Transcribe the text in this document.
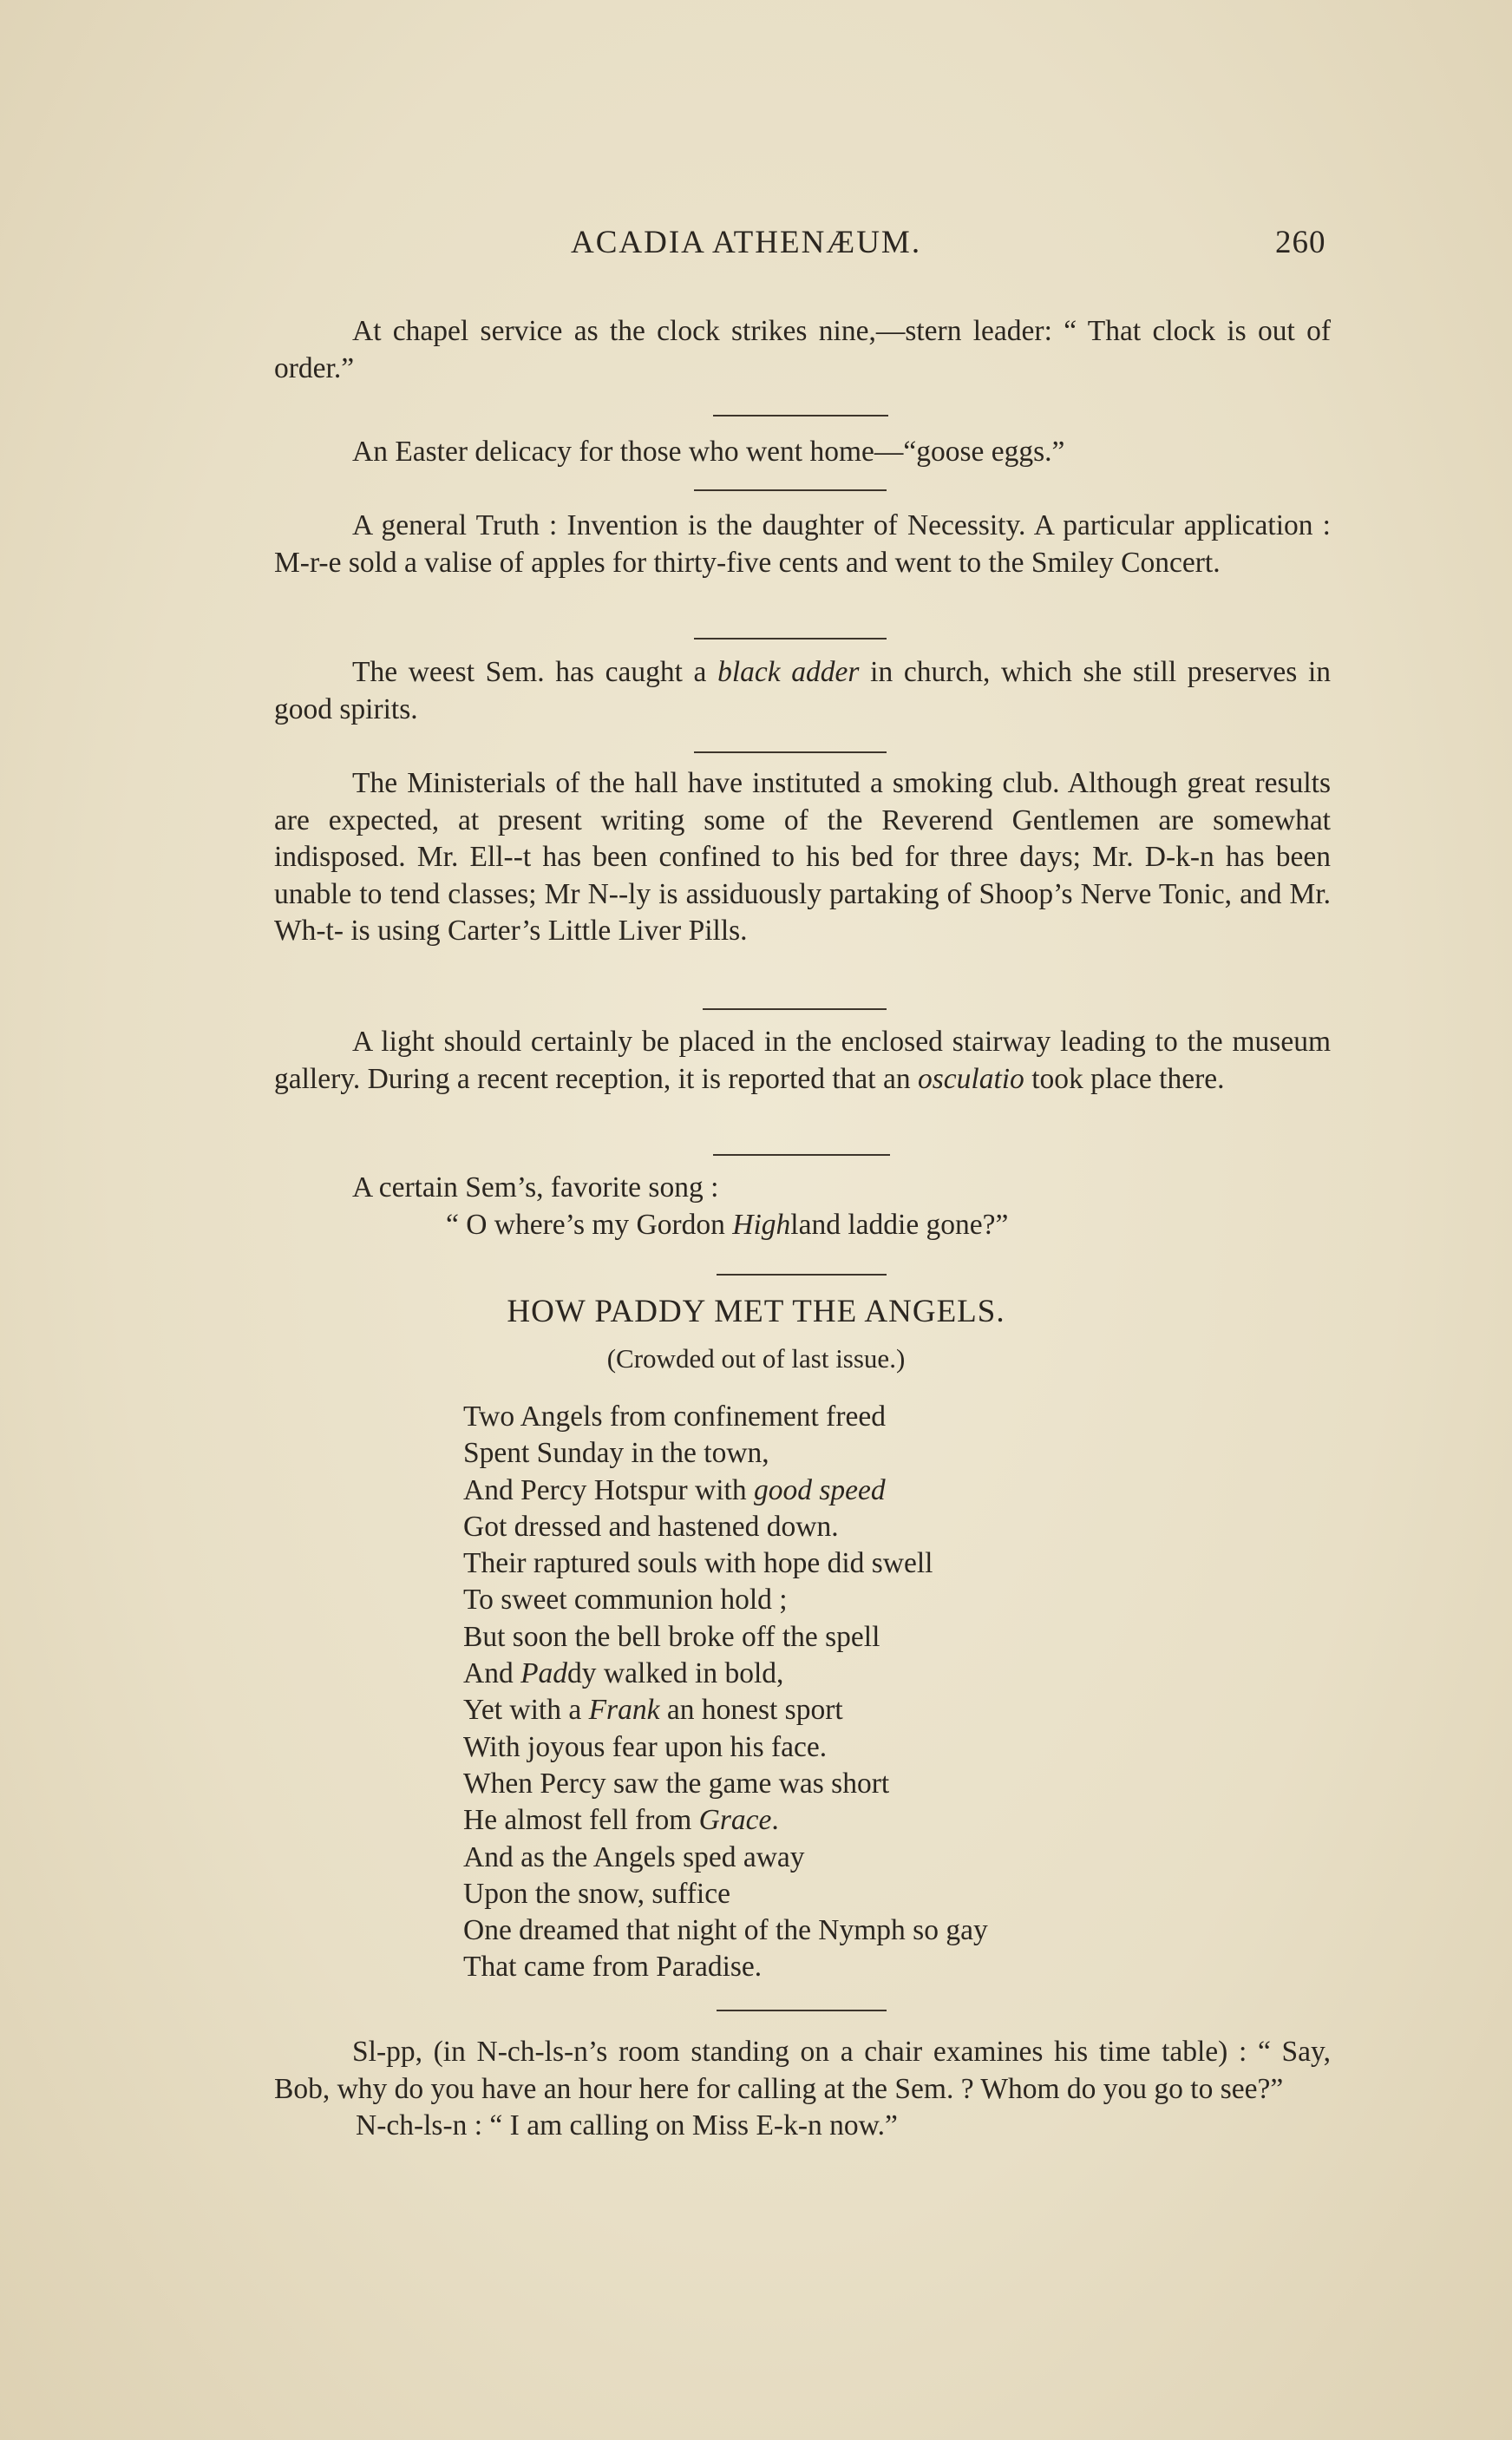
ACADIA ATHENÆUM.	260

At chapel service as the clock strikes nine,—stern leader: “ That clock is out of order.”

An Easter delicacy for those who went home—“goose eggs.”

A general Truth : Invention is the daughter of Necessity. A particular application : M-r-e sold a valise of apples for thirty-five cents and went to the Smiley Concert.

The weest Sem. has caught a black adder in church, which she still preserves in good spirits.

The Ministerials of the hall have instituted a smoking club. Although great results are expected, at present writing some of the Reverend Gentlemen are somewhat indisposed. Mr. Ell--t has been confined to his bed for three days; Mr. D-k-n has been unable to tend classes; Mr N--ly is assiduously partaking of Shoop’s Nerve Tonic, and Mr. Wh-t- is using Carter’s Little Liver Pills.

A light should certainly be placed in the enclosed stairway leading to the museum gallery. During a recent reception, it is reported that an osculatio took place there.

A certain Sem’s, favorite song :

“ O where’s my Gordon Highland laddie gone?”
HOW PADDY MET THE ANGELS.
(Crowded out of last issue.)
Two Angels from confinement freed
Spent Sunday in the town,
And Percy Hotspur with good speed
Got dressed and hastened down.
Their raptured souls with hope did swell
To sweet communion hold ;
But soon the bell broke off the spell
And Paddy walked in bold,
Yet with a Frank an honest sport
With joyous fear upon his face.
When Percy saw the game was short
He almost fell from Grace.
And as the Angels sped away
Upon the snow, suffice
One dreamed that night of the Nymph so gay
That came from Paradise.

Sl-pp, (in N-ch-ls-n’s room standing on a chair examines his time table) : “ Say, Bob, why do you have an hour here for calling at the Sem. ? Whom do you go to see?”

N-ch-ls-n : “ I am calling on Miss E-k-n now.”
